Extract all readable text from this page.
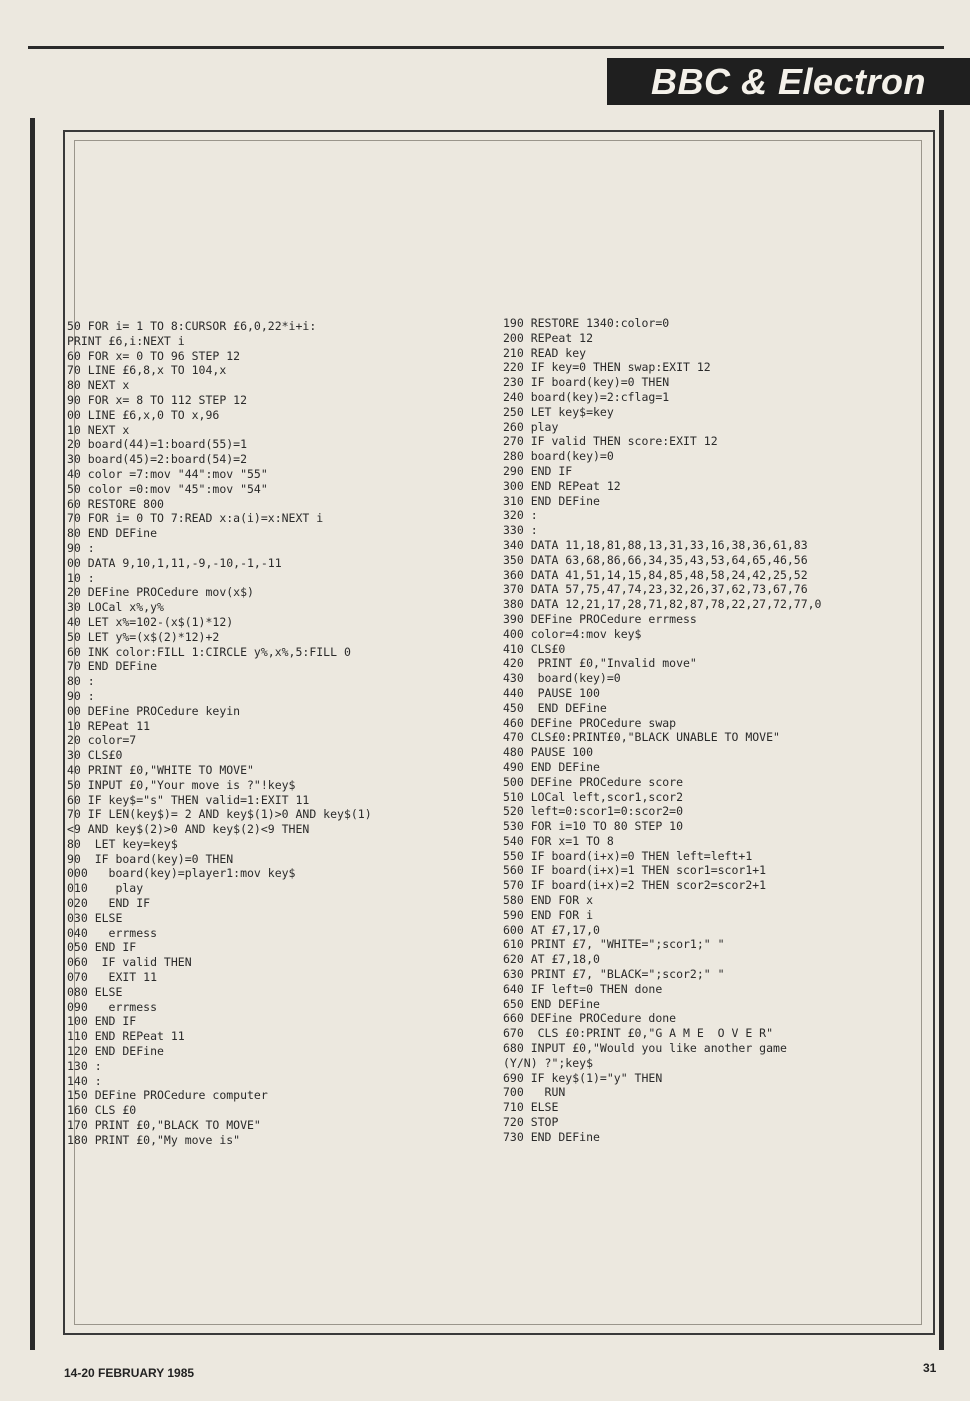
BBC & Electron
50 FOR i= 1 TO 8:CURSOR £6,0,22*i+i:
PRINT £6,i:NEXT i
60 FOR x= 0 TO 96 STEP 12
70 LINE £6,8,x TO 104,x
80 NEXT x
90 FOR x= 8 TO 112 STEP 12
00 LINE £6,x,0 TO x,96
10 NEXT x
20 board(44)=1:board(55)=1
30 board(45)=2:board(54)=2
40 color =7:mov "44":mov "55"
50 color =0:mov "45":mov "54"
60 RESTORE 800
70 FOR i= 0 TO 7:READ x:a(i)=x:NEXT i
80 END DEFine
90 :
00 DATA 9,10,1,11,-9,-10,-1,-11
10 :
20 DEFine PROCedure mov(x$)
30 LOCal x%,y%
40 LET x%=102-(x$(1)*12)
50 LET y%=(x$(2)*12)+2
60 INK color:FILL 1:CIRCLE y%,x%,5:FILL 0
70 END DEFine
80 :
90 :
00 DEFine PROCedure keyin
10 REPeat 11
20 color=7
30 CLS£0
40 PRINT £0,"WHITE TO MOVE"
50 INPUT £0,"Your move is ?"!key$
60 IF key$="s" THEN valid=1:EXIT 11
70 IF LEN(key$)= 2 AND key$(1)>0 AND key$(1)
<9 AND key$(2)>0 AND key$(2)<9 THEN
80  LET key=key$
90  IF board(key)=0 THEN
000   board(key)=player1:mov key$
010    play
020   END IF
030 ELSE
040   errmess
050 END IF
060  IF valid THEN
070   EXIT 11
080 ELSE
090   errmess
100 END IF
110 END REPeat 11
120 END DEFine
130 :
140 :
150 DEFine PROCedure computer
160 CLS £0
170 PRINT £0,"BLACK TO MOVE"
180 PRINT £0,"My move is"
190 RESTORE 1340:color=0
200 REPeat 12
210 READ key
220 IF key=0 THEN swap:EXIT 12
230 IF board(key)=0 THEN
240 board(key)=2:cflag=1
250 LET key$=key
260 play
270 IF valid THEN score:EXIT 12
280 board(key)=0
290 END IF
300 END REPeat 12
310 END DEFine
320 :
330 :
340 DATA 11,18,81,88,13,31,33,16,38,36,61,83
350 DATA 63,68,86,66,34,35,43,53,64,65,46,56
360 DATA 41,51,14,15,84,85,48,58,24,42,25,52
370 DATA 57,75,47,74,23,32,26,37,62,73,67,76
380 DATA 12,21,17,28,71,82,87,78,22,27,72,77,0
390 DEFine PROCedure errmess
400 color=4:mov key$
410 CLS£0
420  PRINT £0,"Invalid move"
430  board(key)=0
440  PAUSE 100
450  END DEFine
460 DEFine PROCedure swap
470 CLS£0:PRINT£0,"BLACK UNABLE TO MOVE"
480 PAUSE 100
490 END DEFine
500 DEFine PROCedure score
510 LOCal left,scor1,scor2
520 left=0:scor1=0:scor2=0
530 FOR i=10 TO 80 STEP 10
540 FOR x=1 TO 8
550 IF board(i+x)=0 THEN left=left+1
560 IF board(i+x)=1 THEN scor1=scor1+1
570 IF board(i+x)=2 THEN scor2=scor2+1
580 END FOR x
590 END FOR i
600 AT £7,17,0
610 PRINT £7, "WHITE=";scor1;" "
620 AT £7,18,0
630 PRINT £7, "BLACK=";scor2;" "
640 IF left=0 THEN done
650 END DEFine
660 DEFine PROCedure done
670  CLS £0:PRINT £0,"G A M E  O V E R"
680 INPUT £0,"Would you like another game
(Y/N) ?";key$
690 IF key$(1)="y" THEN
700   RUN
710 ELSE
720 STOP
730 END DEFine
14-20 FEBRUARY 1985	31
